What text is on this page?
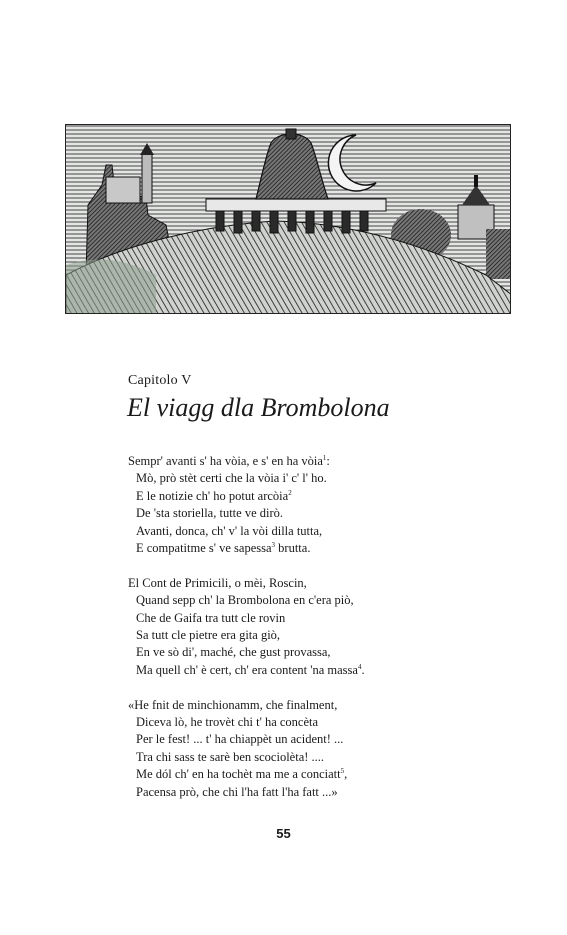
Capitolo V
El viagg dla Brombolona
Sempr' avanti s' ha vòia, e s' en ha vòia$^1$:
Mò, prò stèt certi che la vòia i' c' l' ho.
E le notizie ch' ho potut arcòia$^2$
De 'sta storiella, tutte ve dirò.
Avanti, donca, ch' v' la vòi dilla tutta,
E compatitme s' ve sapessa$^3$ brutta.
El Cont de Primicili, o mèi, Roscin,
Quand sepp ch' la Brombolona en c'era piò,
Che de Gaifa tra tutt cle rovin
Sa tutt cle pietre era gita giò,
En ve sò di', maché, che gust provassa,
Ma quell ch' è cert, ch' era content 'na massa$^4$.
«He fnit de minchionamm, che finalment,
Diceva lò, he trovèt chi t' ha concèta
Per le fest! ... t' ha chiappèt un acident! ...
Tra chi sass te sarè ben scociolèta! ....
Me dól ch' en ha tochèt ma me a conciatt$^5$,
Pacensa prò, che chi l'ha fatt l'ha fatt ...»
55
